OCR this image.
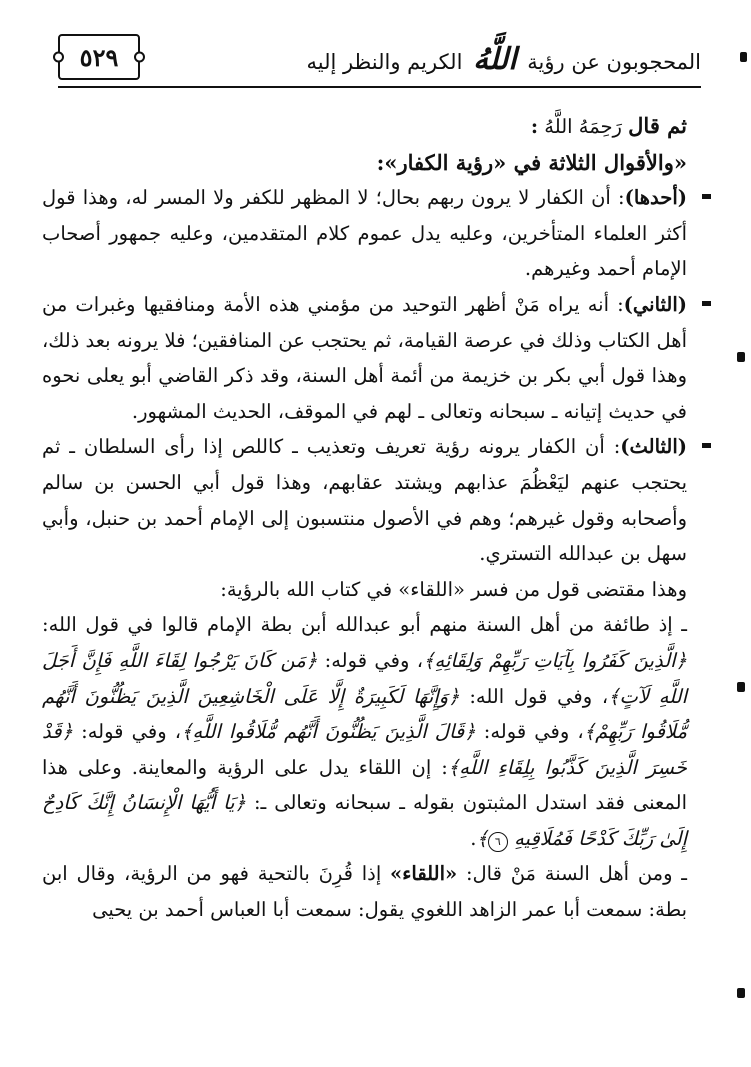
٥٢٩	المحجوبون عن رؤية اللَّهُ الكريم والنظر إليه

ثم قال رَحِمَهُ اللَّهُ :

«والأقوال الثلاثة في «رؤية الكفار»:

(أحدها): أن الكفار لا يرون ربهم بحال؛ لا المظهر للكفر ولا المسر له، وهذا قول أكثر العلماء المتأخرين، وعليه يدل عموم كلام المتقدمين، وعليه جمهور أصحاب الإمام أحمد وغيرهم.

(الثاني): أنه يراه مَنْ أظهر التوحيد من مؤمني هذه الأمة ومنافقيها وغبرات من أهل الكتاب وذلك في عرصة القيامة، ثم يحتجب عن المنافقين؛ فلا يرونه بعد ذلك، وهذا قول أبي بكر بن خزيمة من أئمة أهل السنة، وقد ذكر القاضي أبو يعلى نحوه في حديث إتيانه ـ سبحانه وتعالى ـ لهم في الموقف، الحديث المشهور.

(الثالث): أن الكفار يرونه رؤية تعريف وتعذيب ـ كاللص إذا رأى السلطان ـ ثم يحتجب عنهم ليَعْظُمَ عذابهم ويشتد عقابهم، وهذا قول أبي الحسن بن سالم وأصحابه وقول غيرهم؛ وهم في الأصول منتسبون إلى الإمام أحمد بن حنبل، وأبي سهل بن عبدالله التستري.

وهذا مقتضى قول من فسر «اللقاء» في كتاب الله بالرؤية:

ـ إذ طائفة من أهل السنة منهم أبو عبدالله أبن بطة الإمام قالوا في قول الله: ﴿الَّذِينَ كَفَرُوا بِآيَاتِ رَبِّهِمْ وَلِقَائِهِ﴾، وفي قوله: ﴿مَن كَانَ يَرْجُوا لِقَاءَ اللَّهِ فَإِنَّ أَجَلَ اللَّهِ لَآتٍ﴾، وفي قول الله: ﴿وَإِنَّهَا لَكَبِيرَةٌ إِلَّا عَلَى الْخَاشِعِينَ الَّذِينَ يَظُنُّونَ أَنَّهُم مُّلَاقُوا رَبِّهِمْ﴾، وفي قوله: ﴿قَالَ الَّذِينَ يَظُنُّونَ أَنَّهُم مُّلَاقُوا اللَّهِ﴾، وفي قوله: ﴿قَدْ خَسِرَ الَّذِينَ كَذَّبُوا بِلِقَاءِ اللَّهِ﴾: إن اللقاء يدل على الرؤية والمعاينة. وعلى هذا المعنى فقد استدل المثبتون بقوله ـ سبحانه وتعالى ـ: ﴿يَا أَيُّهَا الْإِنسَانُ إِنَّكَ كَادِحٌ إِلَىٰ رَبِّكَ كَدْحًا فَمُلَاقِيهِ ٦﴾.

ـ ومن أهل السنة مَنْ قال: «اللقاء» إذا قُرِنَ بالتحية فهو من الرؤية، وقال ابن بطة: سمعت أبا عمر الزاهد اللغوي يقول: سمعت أبا العباس أحمد بن يحيى
